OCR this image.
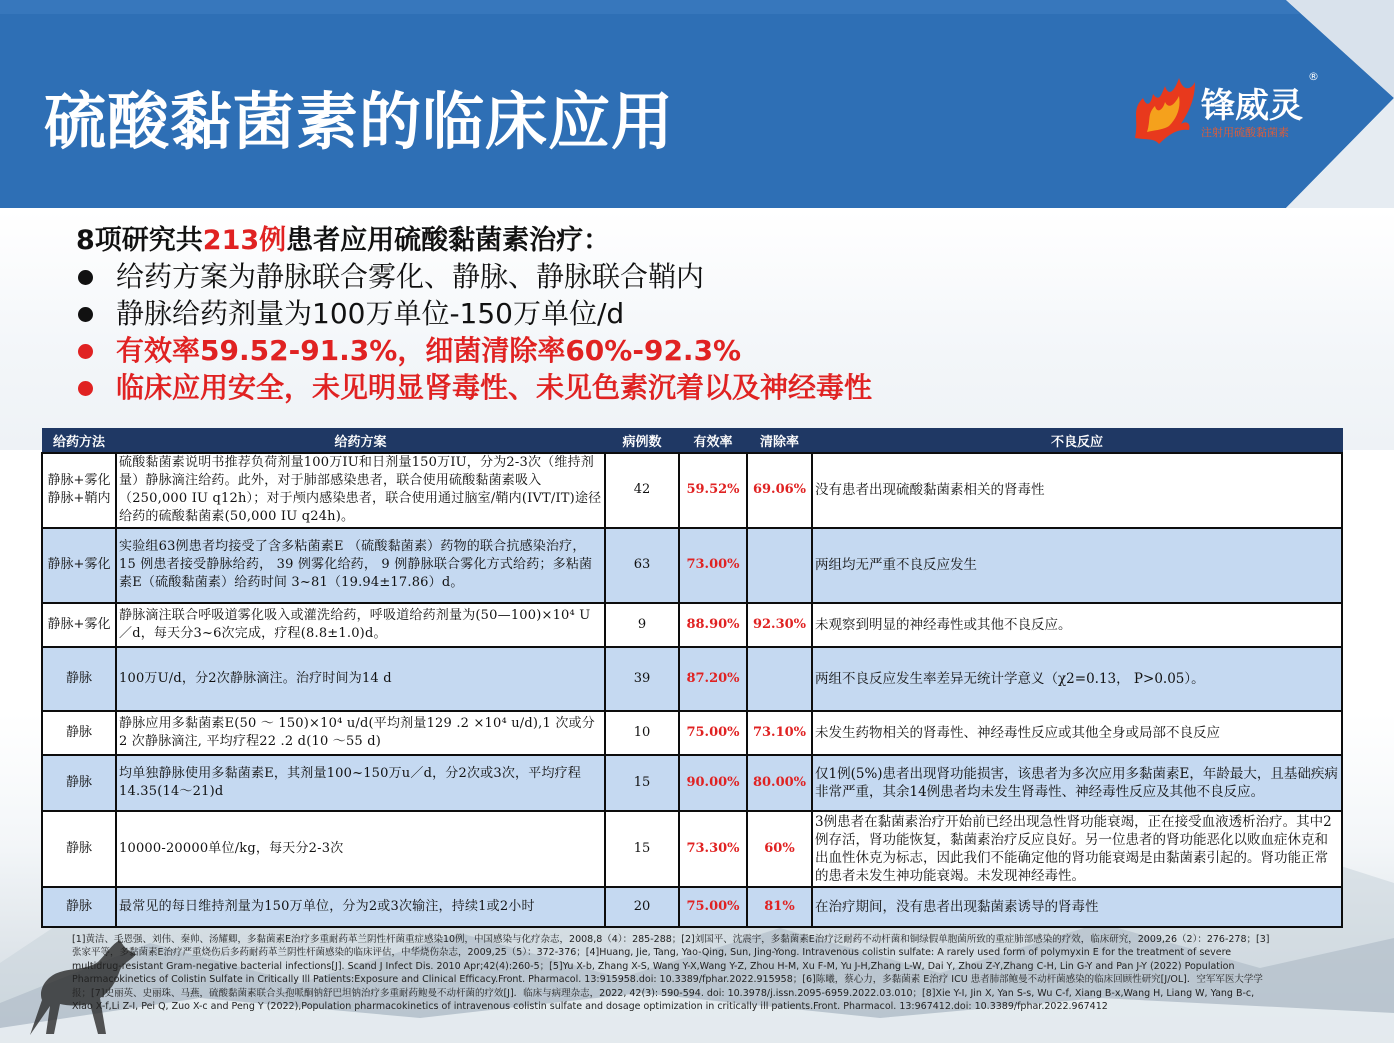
硫酸黏菌素的临床应用	锋威灵
®
注射用硫酸黏菌素
8项研究共213例患者应用硫酸黏菌素治疗：
给药方案为静脉联合雾化、静脉、静脉联合鞘内
静脉给药剂量为100万单位-150万单位/d
有效率59.52-91.3%，细菌清除率60%-92.3%
临床应用安全，未见明显肾毒性、未见色素沉着以及神经毒性
给药方法	给药方案	病例数	有效率	清除率	不良反应
静脉+雾化
静脉+鞘内	硫酸黏菌素说明书推荐负荷剂量100万IU和日剂量150万IU，分为2-3次（维持剂量）静脉滴注给药。此外，对于肺部感染患者，联合使用硫酸黏菌素吸入（250,000 IU q12h）；对于颅内感染患者，联合使用通过脑室/鞘内(IVT/IT)途径给药的硫酸黏菌素(50,000 IU q24h)。	42	59.52%	69.06%	没有患者出现硫酸黏菌素相关的肾毒性
静脉+雾化	实验组63例患者均接受了含多粘菌素E （硫酸黏菌素）药物的联合抗感染治疗，15 例患者接受静脉给药， 39 例雾化给药， 9 例静脉联合雾化方式给药；多粘菌素E（硫酸黏菌素）给药时间 3~81（19.94±17.86）d。	63	73.00%		两组均无严重不良反应发生
静脉+雾化	静脉滴注联合呼吸道雾化吸入或灌洗给药，呼吸道给药剂量为(50—100)×10⁴ U／d，每天分3~6次完成，疗程(8.8±1.0)d。	9	88.90%	92.30%	未观察到明显的神经毒性或其他不良反应。
静脉	100万U/d，分2次静脉滴注。治疗时间为14 d	39	87.20%		两组不良反应发生率差异无统计学意义（χ2=0.13， P>0.05）。
静脉	静脉应用多黏菌素E(50 ～ 150)×10⁴ u/d(平均剂量129 .2 ×10⁴ u/d),1 次或分2 次静脉滴注, 平均疗程22 .2 d(10 ～55 d)	10	75.00%	73.10%	未发生药物相关的肾毒性、神经毒性反应或其他全身或局部不良反应
静脉	均单独静脉使用多黏菌素E，其剂量100~150万u／d，分2次或3次，平均疗程14.35(14～21)d	15	90.00%	80.00%	仅1例(5%)患者出现肾功能损害，该患者为多次应用多黏菌素E，年龄最大，且基础疾病非常严重，其余14例患者均未发生肾毒性、神经毒性反应及其他不良反应。
静脉	10000-20000单位/kg，每天分2-3次	15	73.30%	60%	3例患者在黏菌素治疗开始前已经出现急性肾功能衰竭，正在接受血液透析治疗。其中2例存活，肾功能恢复，黏菌素治疗反应良好。另一位患者的肾功能恶化以败血症休克和出血性休克为标志，因此我们不能确定他的肾功能衰竭是由黏菌素引起的。肾功能正常的患者未发生神功能衰竭。未发现神经毒性。
静脉	最常见的每日维持剂量为150万单位，分为2或3次输注，持续1或2小时	20	75.00%	81%	在治疗期间，没有患者出现黏菌素诱导的肾毒性
[1]黄洁、毛恩强、刘伟、秦帅、汤耀卿，多黏菌素E治疗多重耐药革兰阴性杆菌重症感染10例，中国感染与化疗杂志，2008,8（4）：285-288；[2]刘国平、沈震宇，多黏菌素E治疗泛耐药不动杆菌和铜绿假单胞菌所致的重症肺部感染的疗效，临床研究，2009,26（2）：276-278；[3]张家平等，多黏菌素E治疗严重烧伤后多药耐药革兰阴性杆菌感染的临床评估，中华烧伤杂志，2009,25（5）：372-376；[4]Huang, Jie, Tang, Yao-Qing, Sun, Jing-Yong. Intravenous colistin sulfate: A rarely used form of polymyxin E for the treatment of severe multidrug-resistant Gram-negative bacterial infections[J]. Scand J Infect Dis. 2010 Apr;42(4):260-5；[5]Yu X-b, Zhang X-S, Wang Y-X,Wang Y-Z, Zhou H-M, Xu F-M, Yu J-H,Zhang L-W, Dai Y, Zhou Z-Y,Zhang C-H, Lin G-Y and Pan J-Y (2022) Population Pharmacokinetics of Colistin Sulfate in Critically Ill Patients:Exposure and Clinical Efficacy.Front. Pharmacol. 13:915958.doi: 10.3389/fphar.2022.915958；[6]陈曦，蔡心力，多黏菌素 E治疗 ICU 患者肺部鲍曼不动杆菌感染的临床回顾性研究[J/OL]．空军军医大学学报；[7]史丽英、史丽珠、马燕，硫酸黏菌素联合头孢哌酮钠舒巴坦钠治疗多重耐药鲍曼不动杆菌的疗效[J]．临床与病理杂志，2022, 42(3): 590-594. doi: 10.3978/j.issn.2095-6959.2022.03.010；[8]Xie Y-I, Jin X, Yan S-s, Wu C-f, Xiang B-x,Wang H, Liang W, Yang B-c, Xiao X-f,Li Z-I, Pei Q, Zuo X-c and Peng Y (2022),Population pharmacokinetics of intravenous colistin sulfate and dosage optimization in critically ill patients.Front. Pharmacol. 13:967412.doi: 10.3389/fphar.2022.967412
